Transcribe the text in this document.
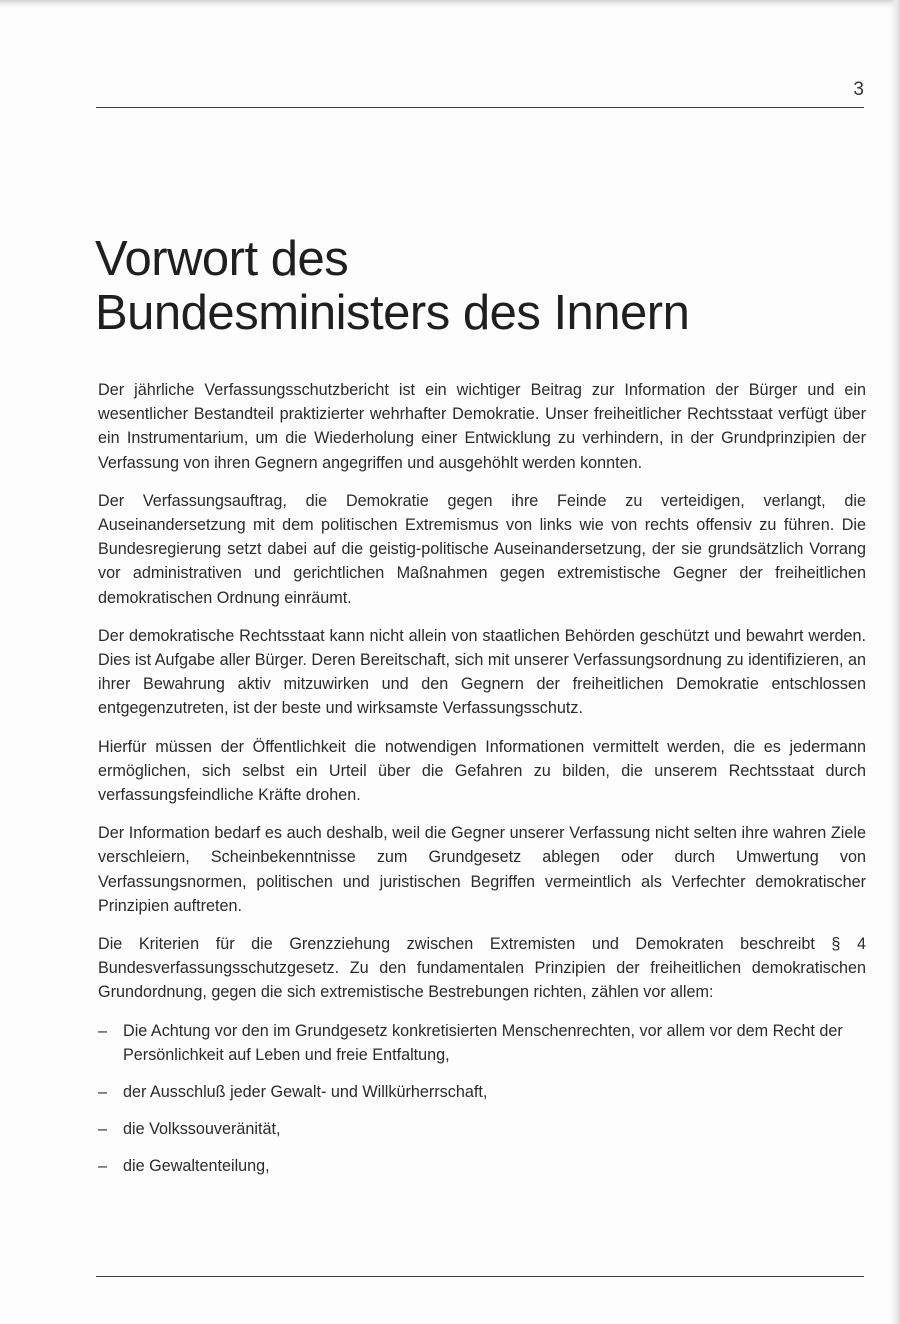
3
Vorwort des
Bundesministers des Innern

Der jährliche Verfassungsschutzbericht ist ein wichtiger Beitrag zur Information der Bürger und ein wesentlicher Bestandteil praktizierter wehrhafter Demokratie. Unser freiheitlicher Rechtsstaat verfügt über ein Instrumentarium, um die Wiederholung einer Entwicklung zu verhindern, in der Grundprinzipien der Verfassung von ihren Gegnern angegriffen und ausgehöhlt werden konnten.

Der Verfassungsauftrag, die Demokratie gegen ihre Feinde zu verteidigen, verlangt, die Auseinandersetzung mit dem politischen Extremismus von links wie von rechts offensiv zu führen. Die Bundesregierung setzt dabei auf die geistig-politische Auseinandersetzung, der sie grundsätzlich Vorrang vor administrativen und gerichtlichen Maßnahmen gegen extremistische Gegner der freiheitlichen demokratischen Ordnung einräumt.

Der demokratische Rechtsstaat kann nicht allein von staatlichen Behörden geschützt und bewahrt werden. Dies ist Aufgabe aller Bürger. Deren Bereitschaft, sich mit unserer Verfassungsordnung zu identifizieren, an ihrer Bewahrung aktiv mitzuwirken und den Gegnern der freiheitlichen Demokratie entschlossen entgegenzutreten, ist der beste und wirksamste Verfassungsschutz.

Hierfür müssen der Öffentlichkeit die notwendigen Informationen vermittelt werden, die es jedermann ermöglichen, sich selbst ein Urteil über die Gefahren zu bilden, die unserem Rechtsstaat durch verfassungsfeindliche Kräfte drohen.

Der Information bedarf es auch deshalb, weil die Gegner unserer Verfassung nicht selten ihre wahren Ziele verschleiern, Scheinbekenntnisse zum Grundgesetz ablegen oder durch Umwertung von Verfassungsnormen, politischen und juristischen Begriffen vermeintlich als Verfechter demokratischer Prinzipien auftreten.

Die Kriterien für die Grenzziehung zwischen Extremisten und Demokraten beschreibt § 4 Bundesverfassungsschutzgesetz. Zu den fundamentalen Prinzipien der freiheitlichen demokratischen Grundordnung, gegen die sich extremistische Bestrebungen richten, zählen vor allem:

– Die Achtung vor den im Grundgesetz konkretisierten Menschenrechten, vor allem vor dem Recht der Persönlichkeit auf Leben und freie Entfaltung,
– der Ausschluß jeder Gewalt- und Willkürherrschaft,
– die Volkssouveränität,
– die Gewaltenteilung,
